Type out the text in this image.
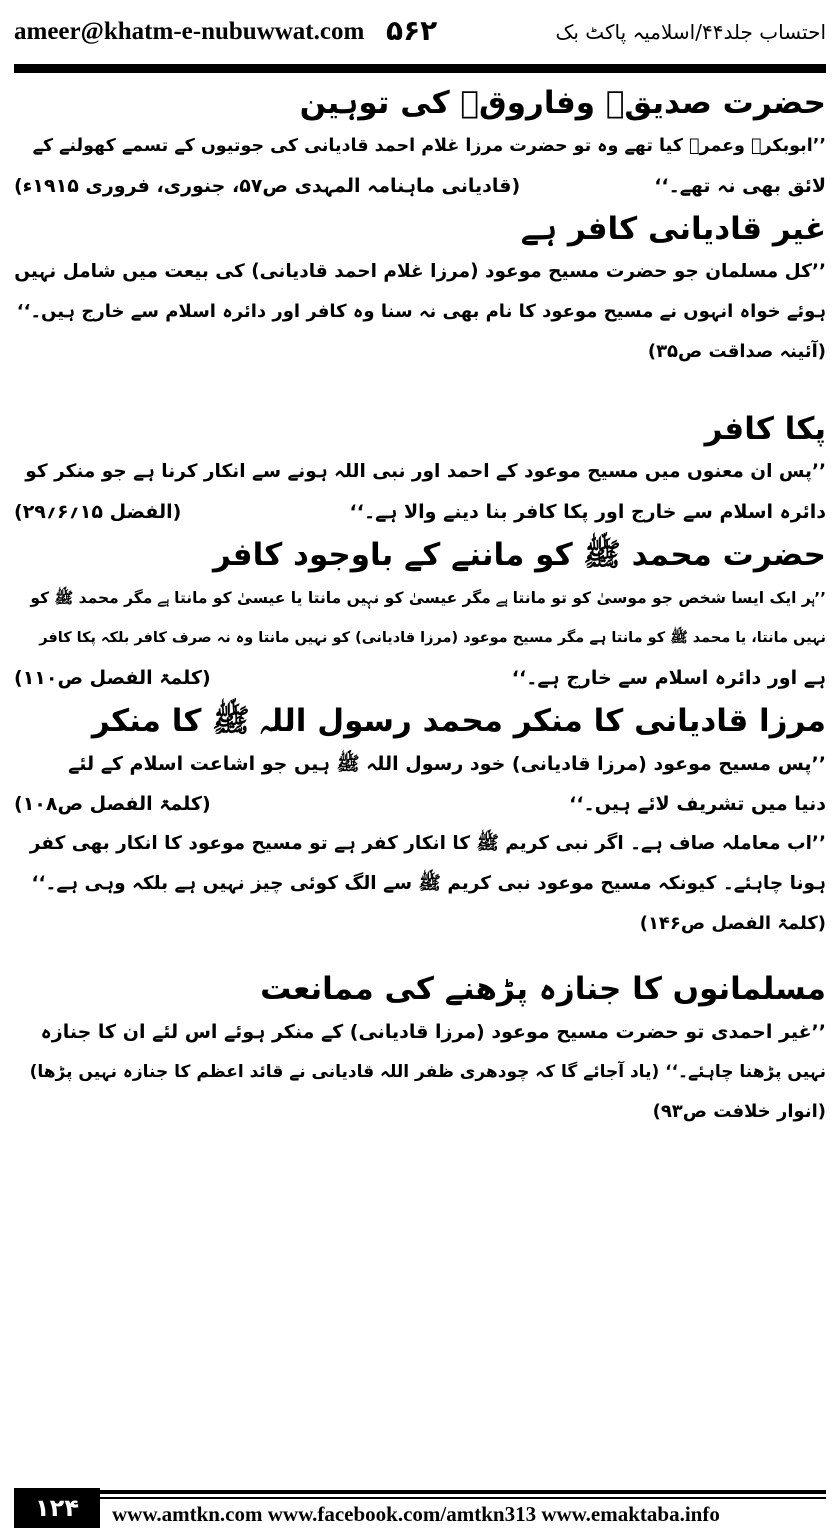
ameer@khatm-e-nubuwwat.com ۵۶۲	احتساب جلد۴۴/اسلامیہ پاکٹ بک
حضرت صدیقؓ وفاروقؓ کی توہین
’’ابوبکرؓ وعمرؓ کیا تھے وہ تو حضرت مرزا غلام احمد قادیانی کی جوتیوں کے تسمے کھولنے کے
لائق بھی نہ تھے۔‘‘
(قادیانی ماہنامہ المہدی ص۵۷، جنوری، فروری ۱۹۱۵ء)
غیر قادیانی کافر ہے
’’کل مسلمان جو حضرت مسیح موعود (مرزا غلام احمد قادیانی) کی بیعت میں شامل نہیں
ہوئے خواہ انہوں نے مسیح موعود کا نام بھی نہ سنا وہ کافر اور دائرہ اسلام سے خارج ہیں۔‘‘
(آئینہ صداقت ص۳۵)
پکا کافر
’’پس ان معنوں میں مسیح موعود کے احمد اور نبی اللہ ہونے سے انکار کرنا ہے جو منکر کو
دائرہ اسلام سے خارج اور پکا کافر بنا دینے والا ہے۔‘‘
(الفضل ۱۵؍۶؍۲۹)
حضرت محمد ﷺ کو ماننے کے باوجود کافر
’’ہر ایک ایسا شخص جو موسیٰ کو تو مانتا ہے مگر عیسیٰ کو نہیں مانتا یا عیسیٰ کو مانتا ہے مگر محمد ﷺ کو
نہیں مانتا، یا محمد ﷺ کو مانتا ہے مگر مسیح موعود (مرزا قادیانی) کو نہیں مانتا وہ نہ صرف کافر بلکہ پکا کافر
ہے اور دائرہ اسلام سے خارج ہے۔‘‘
(کلمۃ الفصل ص۱۱۰)
مرزا قادیانی کا منکر محمد رسول اللہ ﷺ کا منکر
’’پس مسیح موعود (مرزا قادیانی) خود رسول اللہ ﷺ ہیں جو اشاعت اسلام کے لئے
دنیا میں تشریف لائے ہیں۔‘‘
(کلمۃ الفصل ص۱۰۸)
’’اب معاملہ صاف ہے۔ اگر نبی کریم ﷺ کا انکار کفر ہے تو مسیح موعود کا انکار بھی کفر
ہونا چاہئے۔ کیونکہ مسیح موعود نبی کریم ﷺ سے الگ کوئی چیز نہیں ہے بلکہ وہی ہے۔‘‘
(کلمۃ الفصل ص۱۴۶)
مسلمانوں کا جنازہ پڑھنے کی ممانعت
’’غیر احمدی تو حضرت مسیح موعود (مرزا قادیانی) کے منکر ہوئے اس لئے ان کا جنازہ
نہیں پڑھنا چاہئے۔‘‘ (یاد آجائے گا کہ چودھری ظفر اللہ قادیانی نے قائد اعظم کا جنازہ نہیں پڑھا)
(انوار خلافت ص۹۳)
۱۲۴	www.amtkn.com www.facebook.com/amtkn313 www.emaktaba.info
